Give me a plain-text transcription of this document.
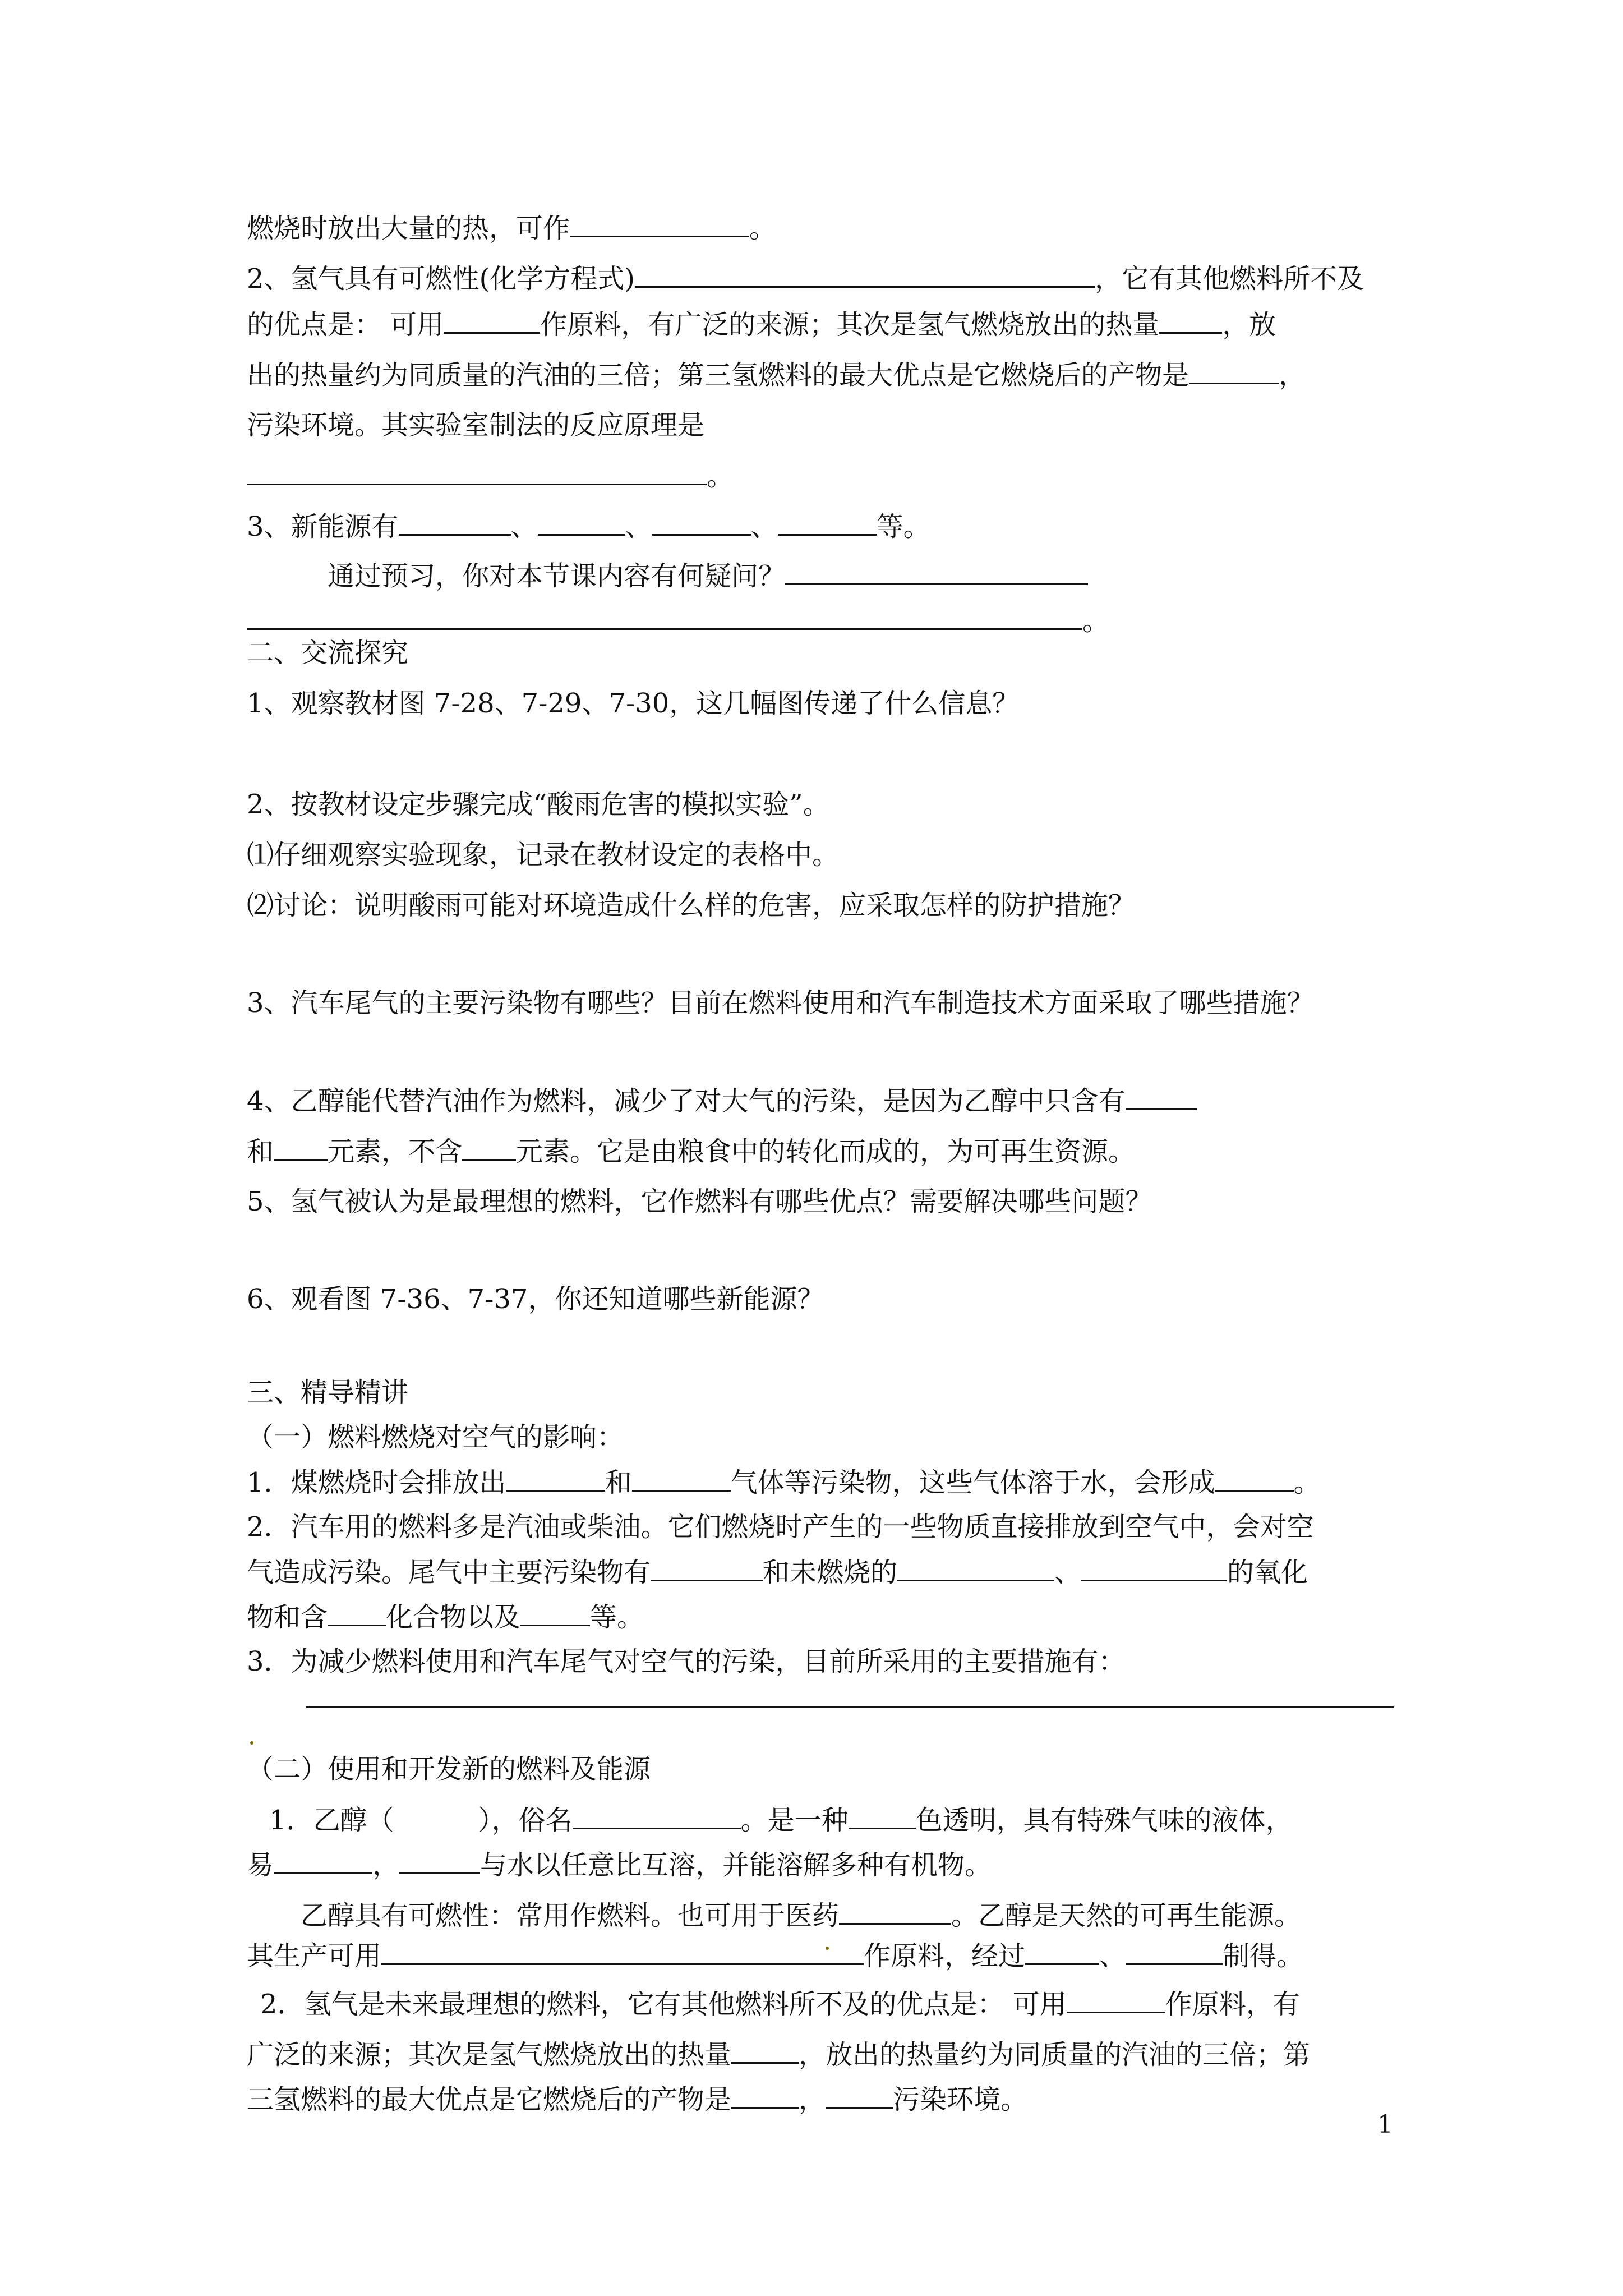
燃烧时放出大量的热，可作	。
2、氢气具有可燃性(化学方程式)	，它有其他燃料所不及
的优点是： 可用	作原料，有广泛的来源；其次是氢气燃烧放出的热量 ，放
出的热量约为同质量的汽油的三倍；第三氢燃料的最大优点是它燃烧后的产物是	，
污染环境。其实验室制法的反应原理是
。
3、新能源有	、	、	、	等。
通过预习，你对本节课内容有何疑问？
。
二、交流探究
1、观察教材图 7-28、7-29、7-30，这几幅图传递了什么信息？
2、按教材设定步骤完成“酸雨危害的模拟实验”。
⑴仔细观察实验现象，记录在教材设定的表格中。
⑵讨论：说明酸雨可能对环境造成什么样的危害，应采取怎样的防护措施？
3、汽车尾气的主要污染物有哪些？目前在燃料使用和汽车制造技术方面采取了哪些措施？
4、乙醇能代替汽油作为燃料，减少了对大气的污染，是因为乙醇中只含有
和 元素，不含 元素。它是由粮食中的转化而成的，为可再生资源。
5、氢气被认为是最理想的燃料，它作燃料有哪些优点？需要解决哪些问题？
6、观看图 7-36、7-37，你还知道哪些新能源？
三、精导精讲
（一）燃料燃烧对空气的影响：
1．煤燃烧时会排放出	和	气体等污染物，这些气体溶于水，会形成	。
2．汽车用的燃料多是汽油或柴油。它们燃烧时产生的一些物质直接排放到空气中，会对空
气造成污染。尾气中主要污染物有	和未燃烧的	、	的氧化
物和含 化合物以及	等。
3．为减少燃料使用和汽车尾气对空气的污染，目前所采用的主要措施有：
（二）使用和开发新的燃料及能源
1．乙醇（	），俗名	。是一种	色透明，具有特殊气味的液体，
易	，	与水以任意比互溶，并能溶解多种有机物。
乙醇具有可燃性：常用作燃料。也可用于医药	。乙醇是天然的可再生能源。
其生产可用	作原料，经过	、	制得。
2．氢气是未来最理想的燃料，它有其他燃料所不及的优点是： 可用	作原料，有
广泛的来源；其次是氢气燃烧放出的热量	，放出的热量约为同质量的汽油的三倍；第
三氢燃料的最大优点是它燃烧后的产物是	，	污染环境。
1
